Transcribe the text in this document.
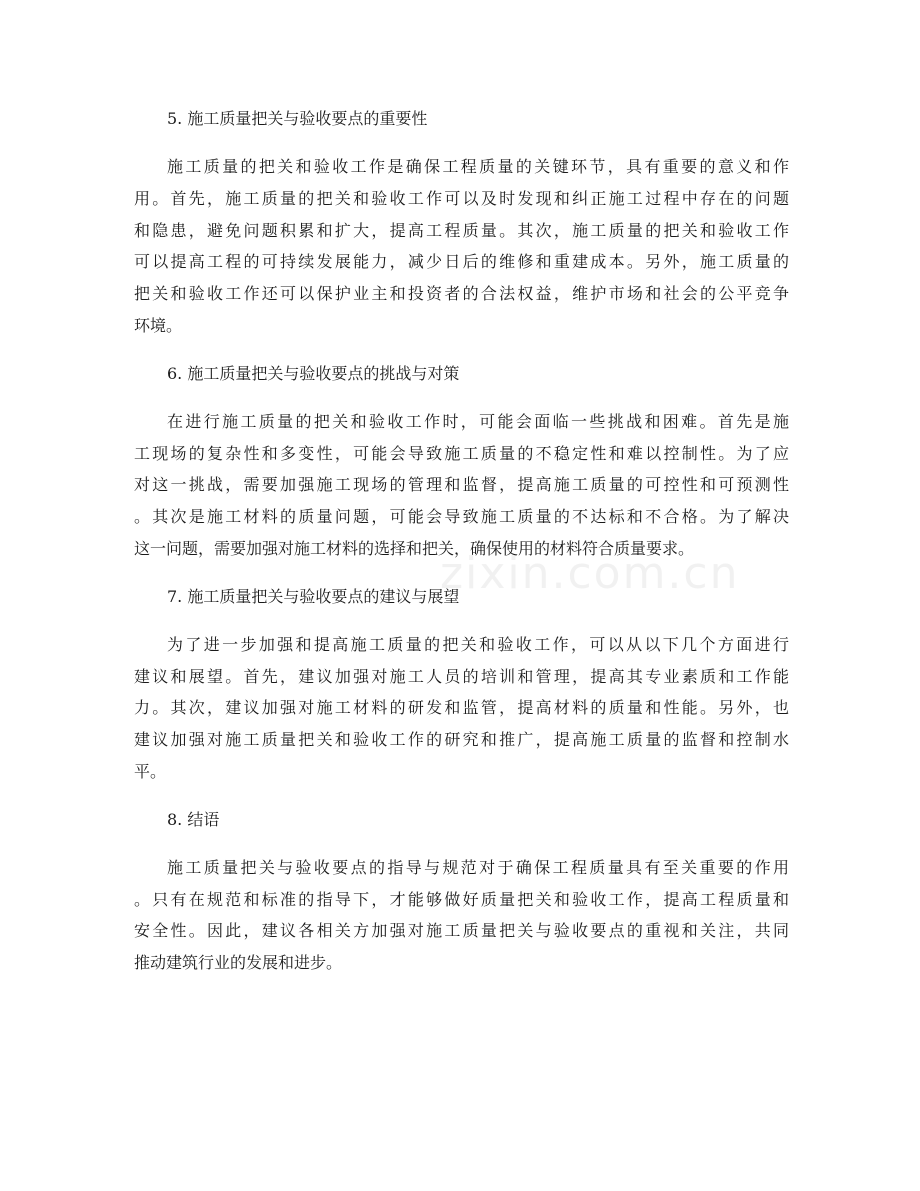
5. 施工质量把关与验收要点的重要性

施工质量的把关和验收工作是确保工程质量的关键环节，具有重要的意义和作
用。首先，施工质量的把关和验收工作可以及时发现和纠正施工过程中存在的问题
和隐患，避免问题积累和扩大，提高工程质量。其次，施工质量的把关和验收工作
可以提高工程的可持续发展能力，减少日后的维修和重建成本。另外，施工质量的
把关和验收工作还可以保护业主和投资者的合法权益，维护市场和社会的公平竞争
环境。

6. 施工质量把关与验收要点的挑战与对策

在进行施工质量的把关和验收工作时，可能会面临一些挑战和困难。首先是施
工现场的复杂性和多变性，可能会导致施工质量的不稳定性和难以控制性。为了应
对这一挑战，需要加强施工现场的管理和监督，提高施工质量的可控性和可预测性
。其次是施工材料的质量问题，可能会导致施工质量的不达标和不合格。为了解决
这一问题，需要加强对施工材料的选择和把关，确保使用的材料符合质量要求。

7. 施工质量把关与验收要点的建议与展望

为了进一步加强和提高施工质量的把关和验收工作，可以从以下几个方面进行
建议和展望。首先，建议加强对施工人员的培训和管理，提高其专业素质和工作能
力。其次，建议加强对施工材料的研发和监管，提高材料的质量和性能。另外，也
建议加强对施工质量把关和验收工作的研究和推广，提高施工质量的监督和控制水
平。

8. 结语

施工质量把关与验收要点的指导与规范对于确保工程质量具有至关重要的作用
。只有在规范和标准的指导下，才能够做好质量把关和验收工作，提高工程质量和
安全性。因此，建议各相关方加强对施工质量把关与验收要点的重视和关注，共同
推动建筑行业的发展和进步。
zixin.com.cn
